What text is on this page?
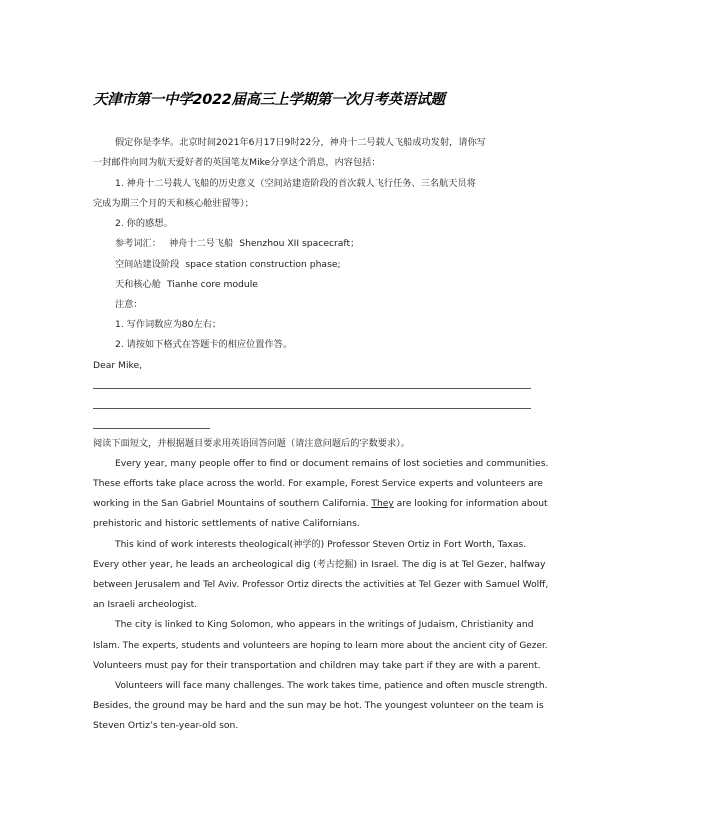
天津市第一中学2022届高三上学期第一次月考英语试题
假定你是李华。北京时间2021年6月17日9时22分，神舟十二号载人飞船成功发射，请你写
一封邮件向同为航天爱好者的英国笔友Mike分享这个消息，内容包括：
1. 神舟十二号载人飞船的历史意义（空间站建造阶段的首次载人飞行任务、三名航天员将
完成为期三个月的天和核心舱驻留等）；
2. 你的感想。
参考词汇： 神舟十二号飞船 Shenzhou XII spacecraft；
空间站建设阶段 space station construction phase;
天和核心舱 Tianhe core module
注意：
1. 写作词数应为80左右；
2. 请按如下格式在答题卡的相应位置作答。
Dear Mike,
阅读下面短文，并根据题目要求用英语回答问题（请注意问题后的字数要求）。
Every year, many people offer to find or document remains of lost societies and communities.
These efforts take place across the world. For example, Forest Service experts and volunteers are
working in the San Gabriel Mountains of southern California. They are looking for information about
prehistoric and historic settlements of native Californians.
This kind of work interests theological(神学的) Professor Steven Ortiz in Fort Worth, Taxas.
Every other year, he leads an archeological dig (考古挖掘) in Israel. The dig is at Tel Gezer, halfway
between Jerusalem and Tel Aviv. Professor Ortiz directs the activities at Tel Gezer with Samuel Wolff,
an Israeli archeologist.
The city is linked to King Solomon, who appears in the writings of Judaism, Christianity and
Islam. The experts, students and volunteers are hoping to learn more about the ancient city of Gezer.
Volunteers must pay for their transportation and children may take part if they are with a parent.
Volunteers will face many challenges. The work takes time, patience and often muscle strength.
Besides, the ground may be hard and the sun may be hot. The youngest volunteer on the team is
Steven Ortiz’s ten-year-old son.
